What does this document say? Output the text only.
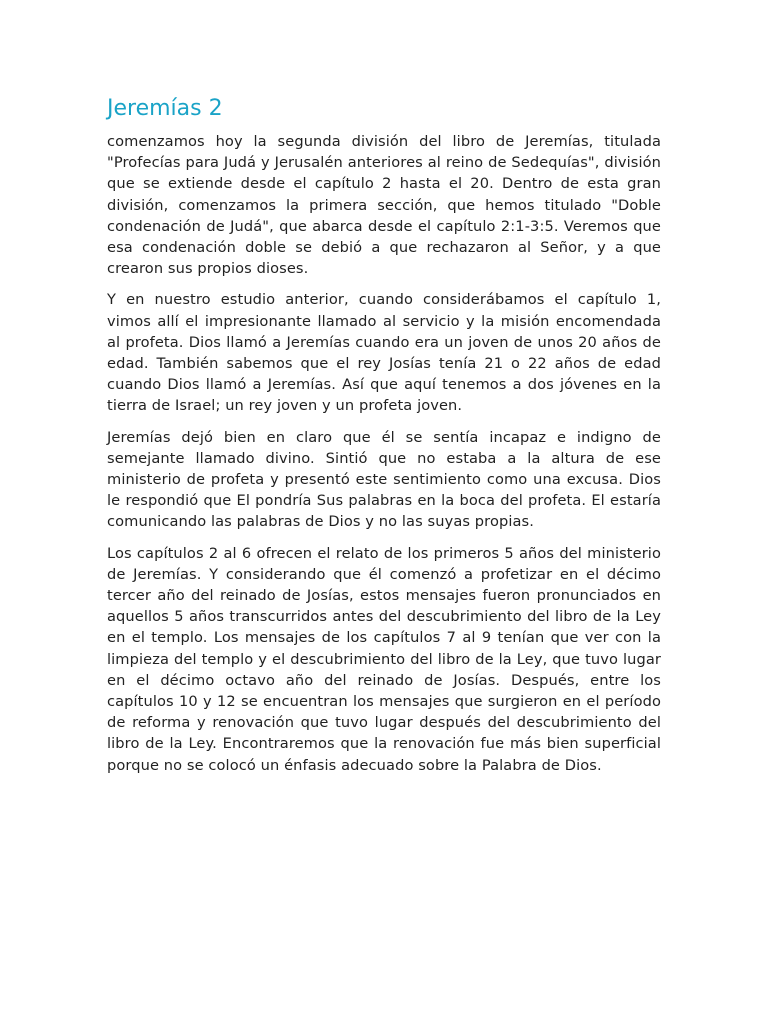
Jeremías 2

comenzamos hoy la segunda división del libro de Jeremías, titulada "Profecías para Judá y Jerusalén anteriores al reino de Sedequías", división que se extiende desde el capítulo 2 hasta el 20. Dentro de esta gran división, comenzamos la primera sección, que hemos titulado "Doble condenación de Judá", que abarca desde el capítulo 2:1-3:5. Veremos que esa condenación doble se debió a que rechazaron al Señor, y a que crearon sus propios dioses.

Y en nuestro estudio anterior, cuando considerábamos el capítulo 1, vimos allí el impresionante llamado al servicio y la misión encomendada al profeta. Dios llamó a Jeremías cuando era un joven de unos 20 años de edad. También sabemos que el rey Josías tenía 21 o 22 años de edad cuando Dios llamó a Jeremías. Así que aquí tenemos a dos jóvenes en la tierra de Israel; un rey joven y un profeta joven.

Jeremías dejó bien en claro que él se sentía incapaz e indigno de semejante llamado divino. Sintió que no estaba a la altura de ese ministerio de profeta y presentó este sentimiento como una excusa. Dios le respondió que El pondría Sus palabras en la boca del profeta. El estaría comunicando las palabras de Dios y no las suyas propias.

Los capítulos 2 al 6 ofrecen el relato de los primeros 5 años del ministerio de Jeremías. Y considerando que él comenzó a profetizar en el décimo tercer año del reinado de Josías, estos mensajes fueron pronunciados en aquellos 5 años transcurridos antes del descubrimiento del libro de la Ley en el templo. Los mensajes de los capítulos 7 al 9 tenían que ver con la limpieza del templo y el descubrimiento del libro de la Ley, que tuvo lugar en el décimo octavo año del reinado de Josías. Después, entre los capítulos 10 y 12 se encuentran los mensajes que surgieron en el período de reforma y renovación que tuvo lugar después del descubrimiento del libro de la Ley. Encontraremos que la renovación fue más bien superficial porque no se colocó un énfasis adecuado sobre la Palabra de Dios.
